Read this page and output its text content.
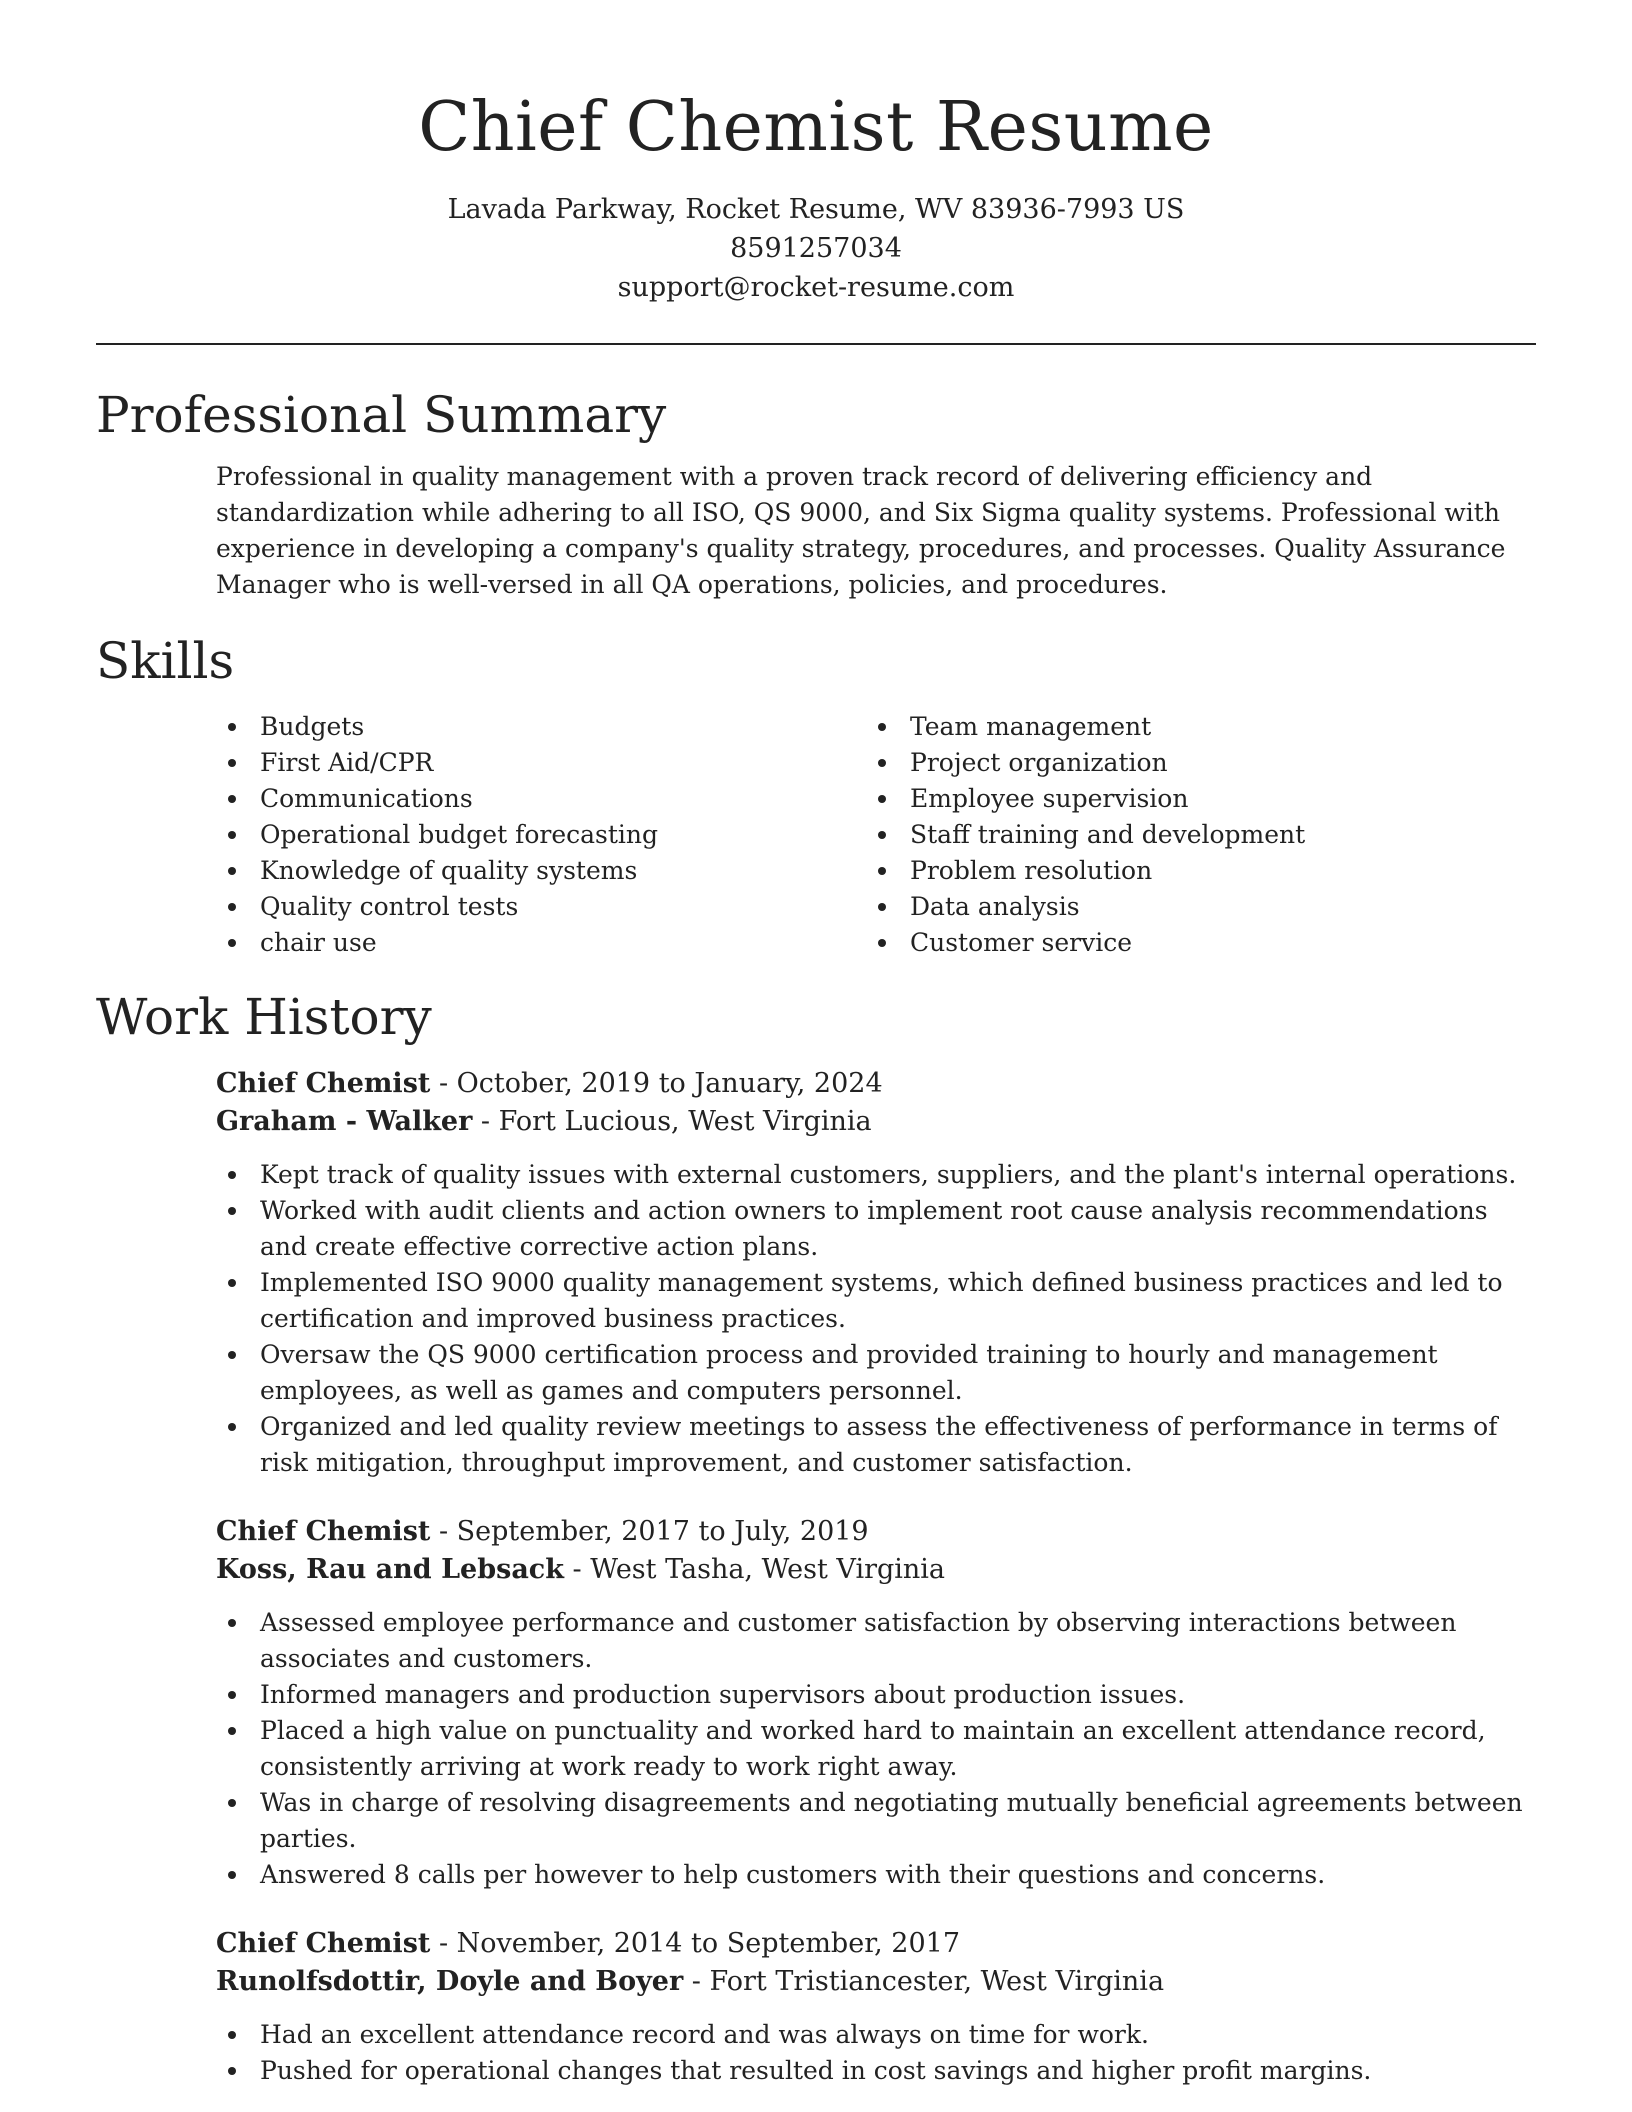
Chief Chemist Resume
Lavada Parkway, Rocket Resume, WV 83936-7993 US
8591257034
support@rocket-resume.com
Professional Summary

Professional in quality management with a proven track record of delivering efficiency and standardization while adhering to all ISO, QS 9000, and Six Sigma quality systems. Professional with experience in developing a company's quality strategy, procedures, and processes. Quality Assurance Manager who is well-versed in all QA operations, policies, and procedures.

Skills
Budgets
First Aid/CPR
Communications
Operational budget forecasting
Knowledge of quality systems
Quality control tests
chair use
Team management
Project organization
Employee supervision
Staff training and development
Problem resolution
Data analysis
Customer service
Work History
Chief Chemist - October, 2019 to January, 2024
Graham - Walker - Fort Lucious, West Virginia
Kept track of quality issues with external customers, suppliers, and the plant's internal operations.
Worked with audit clients and action owners to implement root cause analysis recommendations and create effective corrective action plans.
Implemented ISO 9000 quality management systems, which defined business practices and led to certification and improved business practices.
Oversaw the QS 9000 certification process and provided training to hourly and management employees, as well as games and computers personnel.
Organized and led quality review meetings to assess the effectiveness of performance in terms of risk mitigation, throughput improvement, and customer satisfaction.
Chief Chemist - September, 2017 to July, 2019
Koss, Rau and Lebsack - West Tasha, West Virginia
Assessed employee performance and customer satisfaction by observing interactions between associates and customers.
Informed managers and production supervisors about production issues.
Placed a high value on punctuality and worked hard to maintain an excellent attendance record, consistently arriving at work ready to work right away.
Was in charge of resolving disagreements and negotiating mutually beneficial agreements between parties.
Answered 8 calls per however to help customers with their questions and concerns.
Chief Chemist - November, 2014 to September, 2017
Runolfsdottir, Doyle and Boyer - Fort Tristiancester, West Virginia
Had an excellent attendance record and was always on time for work.
Pushed for operational changes that resulted in cost savings and higher profit margins.
